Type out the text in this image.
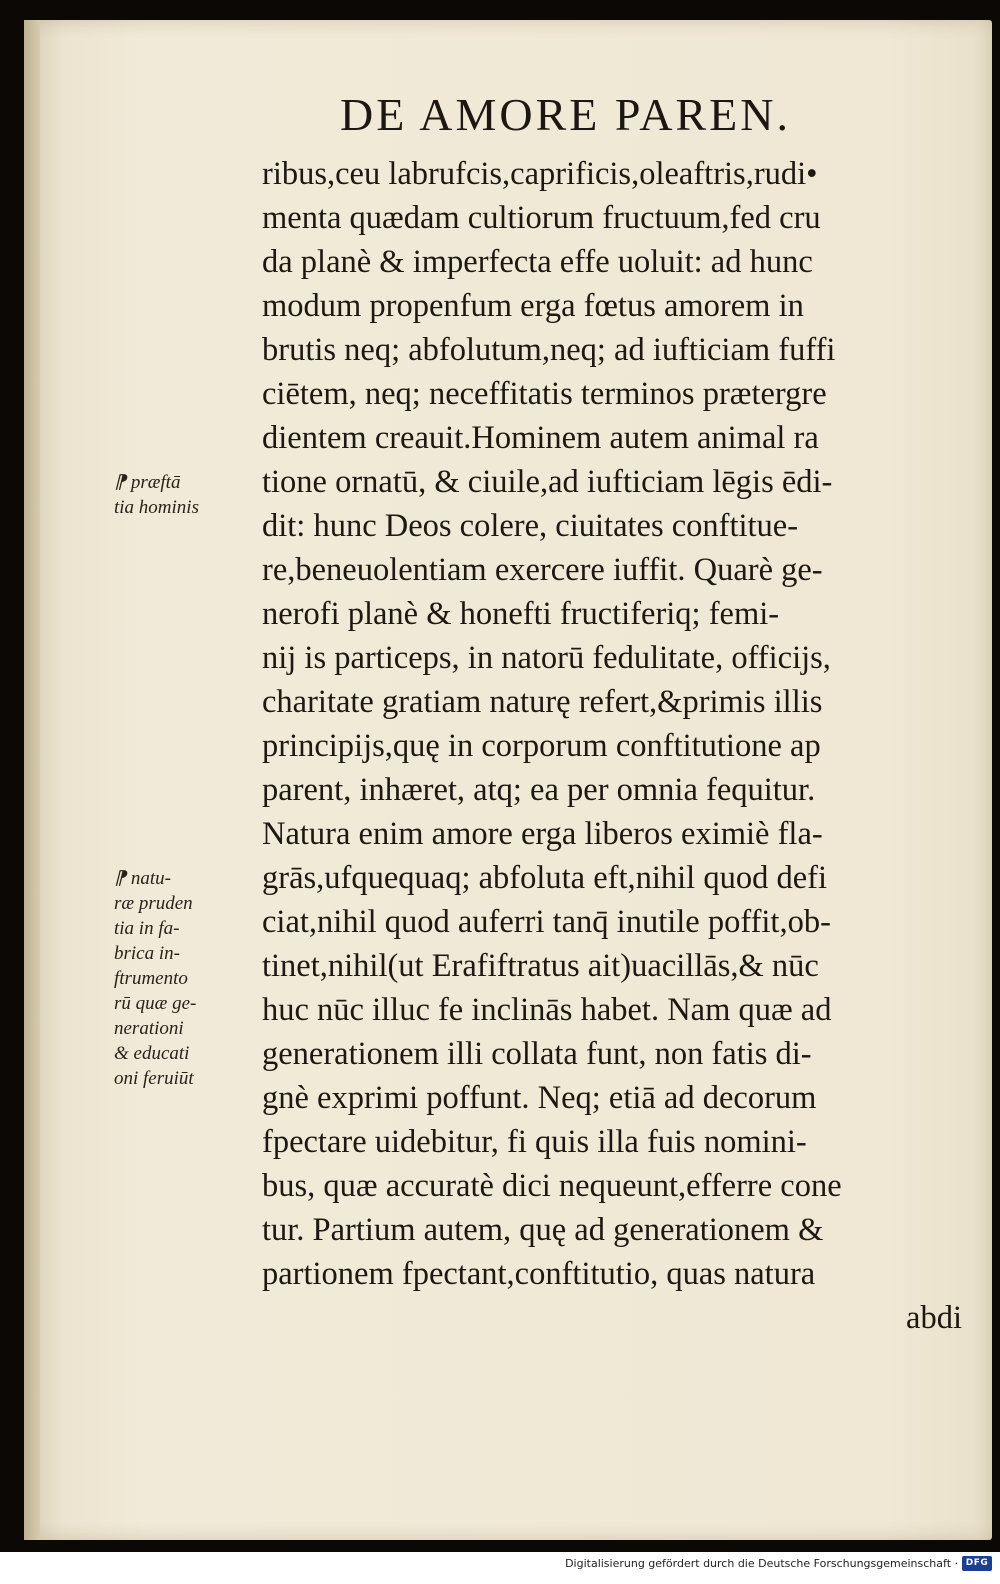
DE AMORE PAREN.
ribus,ceu labrufcis,caprificis,oleaftris,rudi•
menta quædam cultiorum fructuum,fed cru
da planè & imperfecta effe uoluit: ad hunc
modum propenfum erga fœtus amorem in
brutis neq; abfolutum,neq; ad iufticiam fuffi
ciētem, neq; neceffitatis terminos prætergre
dientem creauit.Hominem autem animal ra
tione ornatū, & ciuile,ad iufticiam lēgis ēdi-
dit: hunc Deos colere, ciuitates conftitue-
re,beneuolentiam exercere iuffit. Quarè ge-
nerofi planè & honefti fructiferiq; femi-
nij is particeps, in natorū fedulitate, officijs,
charitate gratiam naturę refert,&primis illis
principijs,quę in corporum conftitutione ap
parent, inhæret, atq; ea per omnia fequitur.
Natura enim amore erga liberos eximiè fla-
grās,ufquequaq; abfoluta eft,nihil quod defi
ciat,nihil quod auferri tanq̄ inutile poffit,ob-
tinet,nihil(ut Erafiftratus ait)uacillās,& nūc
huc nūc illuc fe inclinās habet. Nam quæ ad
generationem illi collata funt, non fatis di-
gnè exprimi poffunt. Neq; etiā ad decorum
fpectare uidebitur, fi quis illa fuis nomini-
bus, quæ accuratè dici nequeunt,efferre cone
tur. Partium autem, quę ad generationem &
partionem fpectant,conftitutio, quas natura
abdi
⁋ præftā
tia hominis
⁋ natu-
ræ pruden
tia in fa-
brica in-
ftrumento
rū quæ ge-
nerationi
& educati
oni feruiūt
Digitalisierung gefördert durch die Deutsche Forschungsgemeinschaft · DFG
